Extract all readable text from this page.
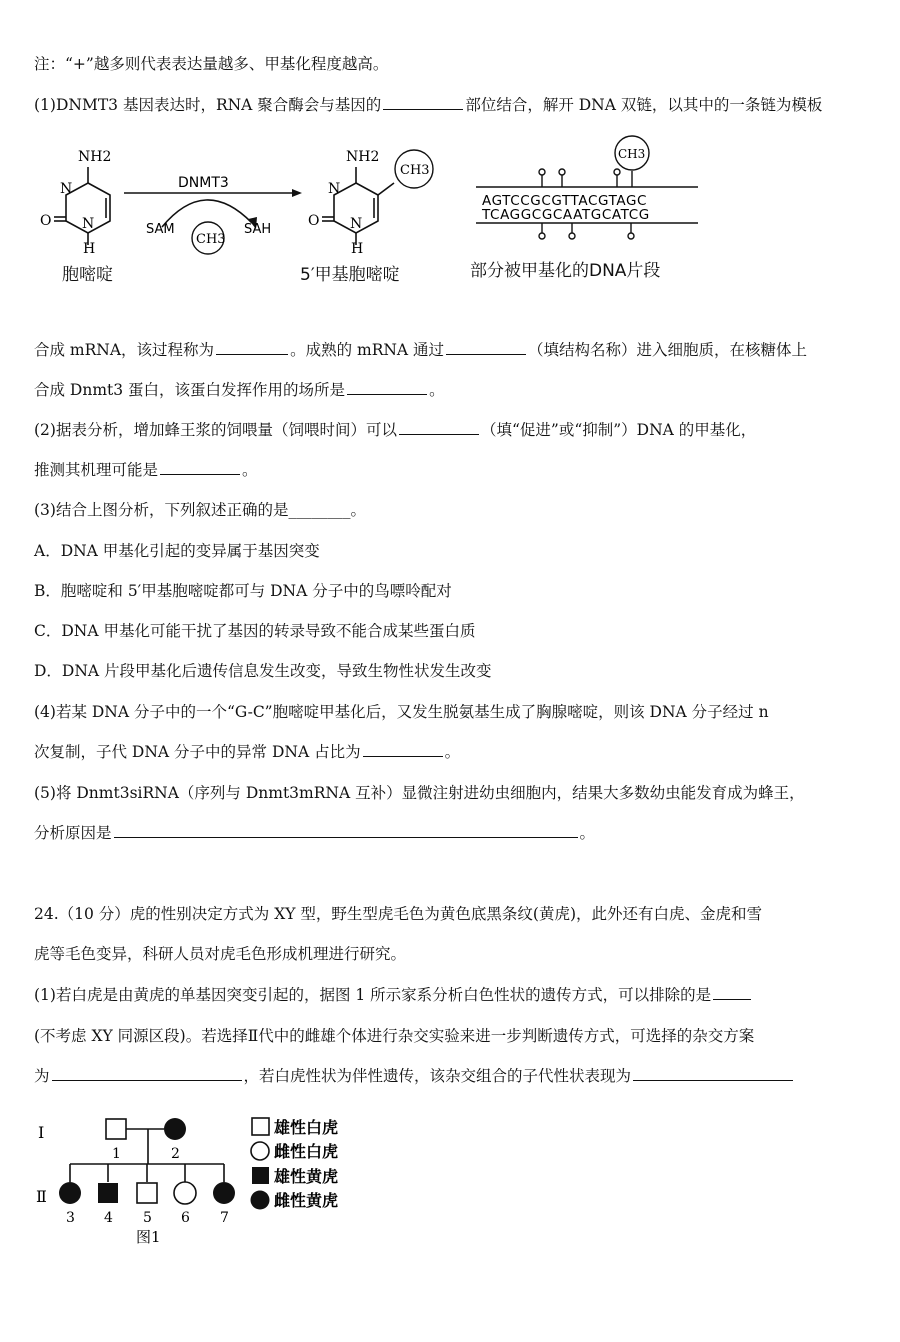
注：“+”越多则代表表达量越多、甲基化程度越高。
(1)DNMT3 基因表达时，RNA 聚合酶会与基因的	部位结合，解开 DNA 双链，以其中的一条链为模板
NH2
N
N
O
H
DNMT3
SAM	SAH
CH3
NH2
N
N
O
H
CH3
CH3
AGTCCGCGTTACGTAGC
TCAGGCGCAATGCATCG
胞嘧啶	5′甲基胞嘧啶	部分被甲基化的DNA片段
合成 mRNA，该过程称为	。成熟的 mRNA 通过	（填结构名称）进入细胞质，在核糖体上
合成 Dnmt3 蛋白，该蛋白发挥作用的场所是	。
(2)据表分析，增加蜂王浆的饲喂量（饲喂时间）可以	（填“促进”或“抑制”）DNA 的甲基化，
推测其机理可能是	。
(3)结合上图分析，下列叙述正确的是________。
A．DNA 甲基化引起的变异属于基因突变
B．胞嘧啶和 5′甲基胞嘧啶都可与 DNA 分子中的鸟嘌呤配对
C．DNA 甲基化可能干扰了基因的转录导致不能合成某些蛋白质
D．DNA 片段甲基化后遗传信息发生改变，导致生物性状发生改变
(4)若某 DNA 分子中的一个“G-C”胞嘧啶甲基化后，又发生脱氨基生成了胸腺嘧啶，则该 DNA 分子经过 n
次复制，子代 DNA 分子中的异常 DNA 占比为	。
(5)将 Dnmt3siRNA（序列与 Dnmt3mRNA 互补）显微注射进幼虫细胞内，结果大多数幼虫能发育成为蜂王，
分析原因是	。
24.（10 分）虎的性别决定方式为 XY 型，野生型虎毛色为黄色底黑条纹(黄虎)，此外还有白虎、金虎和雪
虎等毛色变异，科研人员对虎毛色形成机理进行研究。
(1)若白虎是由黄虎的单基因突变引起的，据图 1 所示家系分析白色性状的遗传方式，可以排除的是
(不考虑 XY 同源区段)。若选择Ⅱ代中的雌雄个体进行杂交实验来进一步判断遗传方式，可选择的杂交方案
为	，若白虎性状为伴性遗传，该杂交组合的子代性状表现为
Ⅰ
Ⅱ
1	2
3 4 5 6 7
图1
雄性白虎
雌性白虎
雄性黄虎
雌性黄虎
